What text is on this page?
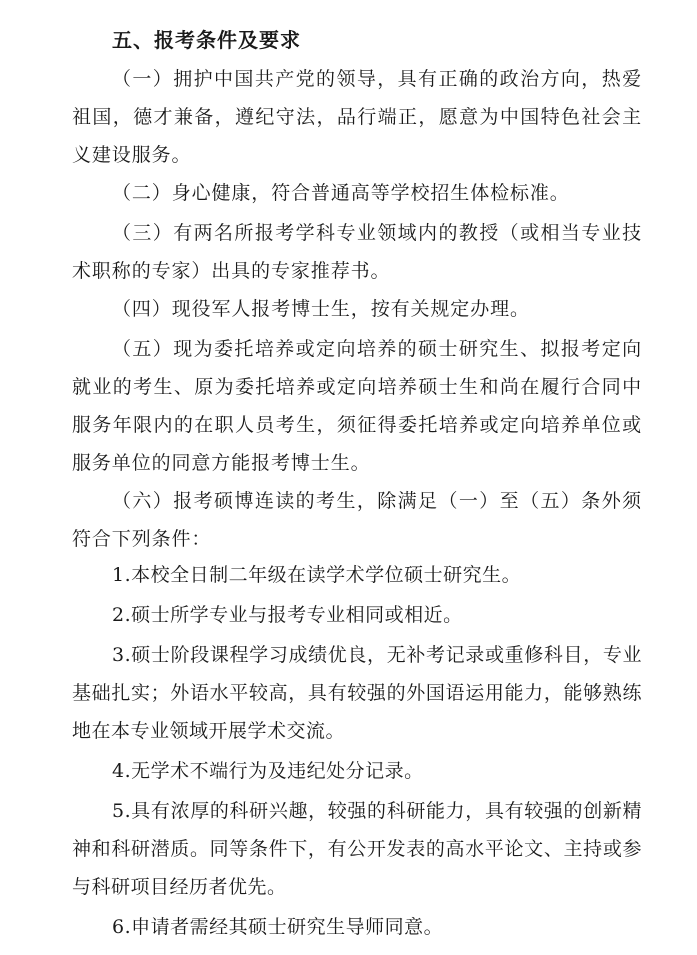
五、报考条件及要求

（一）拥护中国共产党的领导，具有正确的政治方向，热爱祖国，德才兼备，遵纪守法，品行端正，愿意为中国特色社会主义建设服务。

（二）身心健康，符合普通高等学校招生体检标准。

（三）有两名所报考学科专业领域内的教授（或相当专业技术职称的专家）出具的专家推荐书。

（四）现役军人报考博士生，按有关规定办理。

（五）现为委托培养或定向培养的硕士研究生、拟报考定向就业的考生、原为委托培养或定向培养硕士生和尚在履行合同中服务年限内的在职人员考生，须征得委托培养或定向培养单位或服务单位的同意方能报考博士生。

（六）报考硕博连读的考生，除满足（一）至（五）条外须符合下列条件：

1.本校全日制二年级在读学术学位硕士研究生。

2.硕士所学专业与报考专业相同或相近。

3.硕士阶段课程学习成绩优良，无补考记录或重修科目，专业基础扎实；外语水平较高，具有较强的外国语运用能力，能够熟练地在本专业领域开展学术交流。

4.无学术不端行为及违纪处分记录。

5.具有浓厚的科研兴趣，较强的科研能力，具有较强的创新精神和科研潜质。同等条件下，有公开发表的高水平论文、主持或参与科研项目经历者优先。

6.申请者需经其硕士研究生导师同意。
